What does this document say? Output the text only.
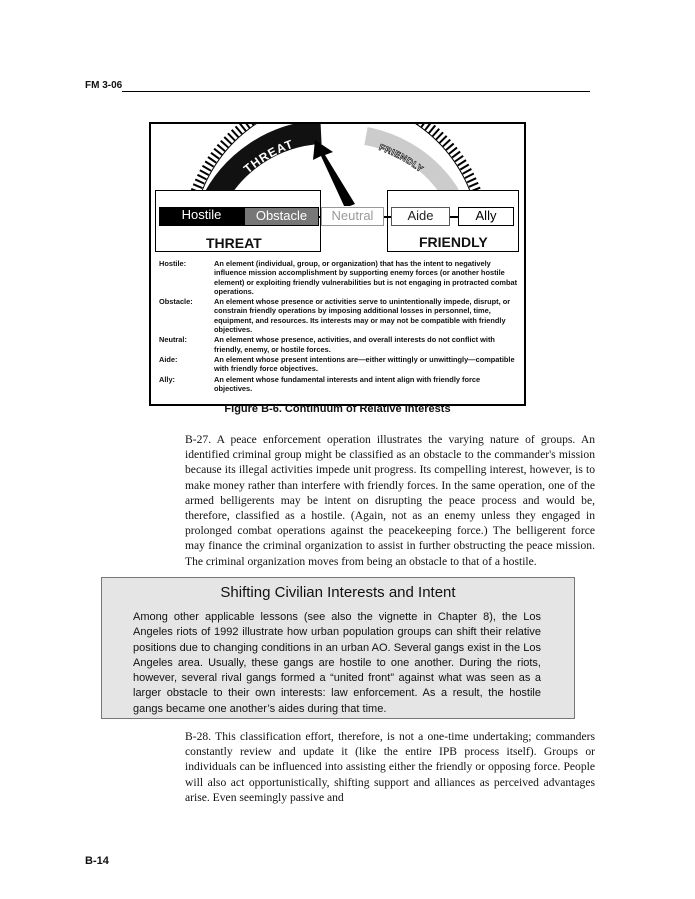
FM 3-06
THREAT	FRIENDLY
Hostile	Obstacle	Neutral	Aide	Ally
THREAT	FRIENDLY
Hostile:	An element (individual, group, or organization) that has the intent to negatively influence mission accomplishment by supporting enemy forces (or another hostile element) or exploiting friendly vulnerabilities but is not engaging in protracted combat operations.
Obstacle:	An element whose presence or activities serve to unintentionally impede, disrupt, or constrain friendly operations by imposing additional losses in personnel, time, equipment, and resources. Its interests may or may not be compatible with friendly objectives.
Neutral:	An element whose presence, activities, and overall interests do not conflict with friendly, enemy, or hostile forces.
Aide:	An element whose present intentions are—either wittingly or unwittingly—compatible with friendly force objectives.
Ally:	An element whose fundamental interests and intent align with friendly force objectives.
Figure B-6. Continuum of Relative Interests
B-27. A peace enforcement operation illustrates the varying nature of groups. An identified criminal group might be classified as an obstacle to the commander's mission because its illegal activities impede unit progress. Its compelling interest, however, is to make money rather than interfere with friendly forces. In the same operation, one of the armed belligerents may be intent on disrupting the peace process and would be, therefore, classified as a hostile. (Again, not as an enemy unless they engaged in prolonged combat operations against the peacekeeping force.) The belligerent force may finance the criminal organization to assist in further obstructing the peace mission. The criminal organization moves from being an obstacle to that of a hostile.
Shifting Civilian Interests and Intent
Among other applicable lessons (see also the vignette in Chapter 8), the Los Angeles riots of 1992 illustrate how urban population groups can shift their relative positions due to changing conditions in an urban AO. Several gangs exist in the Los Angeles area. Usually, these gangs are hostile to one another. During the riots, however, several rival gangs formed a “united front” against what was seen as a larger obstacle to their own interests: law enforcement. As a result, the hostile gangs became one another’s aides during that time.
B-28. This classification effort, therefore, is not a one-time undertaking; commanders constantly review and update it (like the entire IPB process itself). Groups or individuals can be influenced into assisting either the friendly or opposing force. People will also act opportunistically, shifting support and alliances as perceived advantages arise. Even seemingly passive and
B-14
